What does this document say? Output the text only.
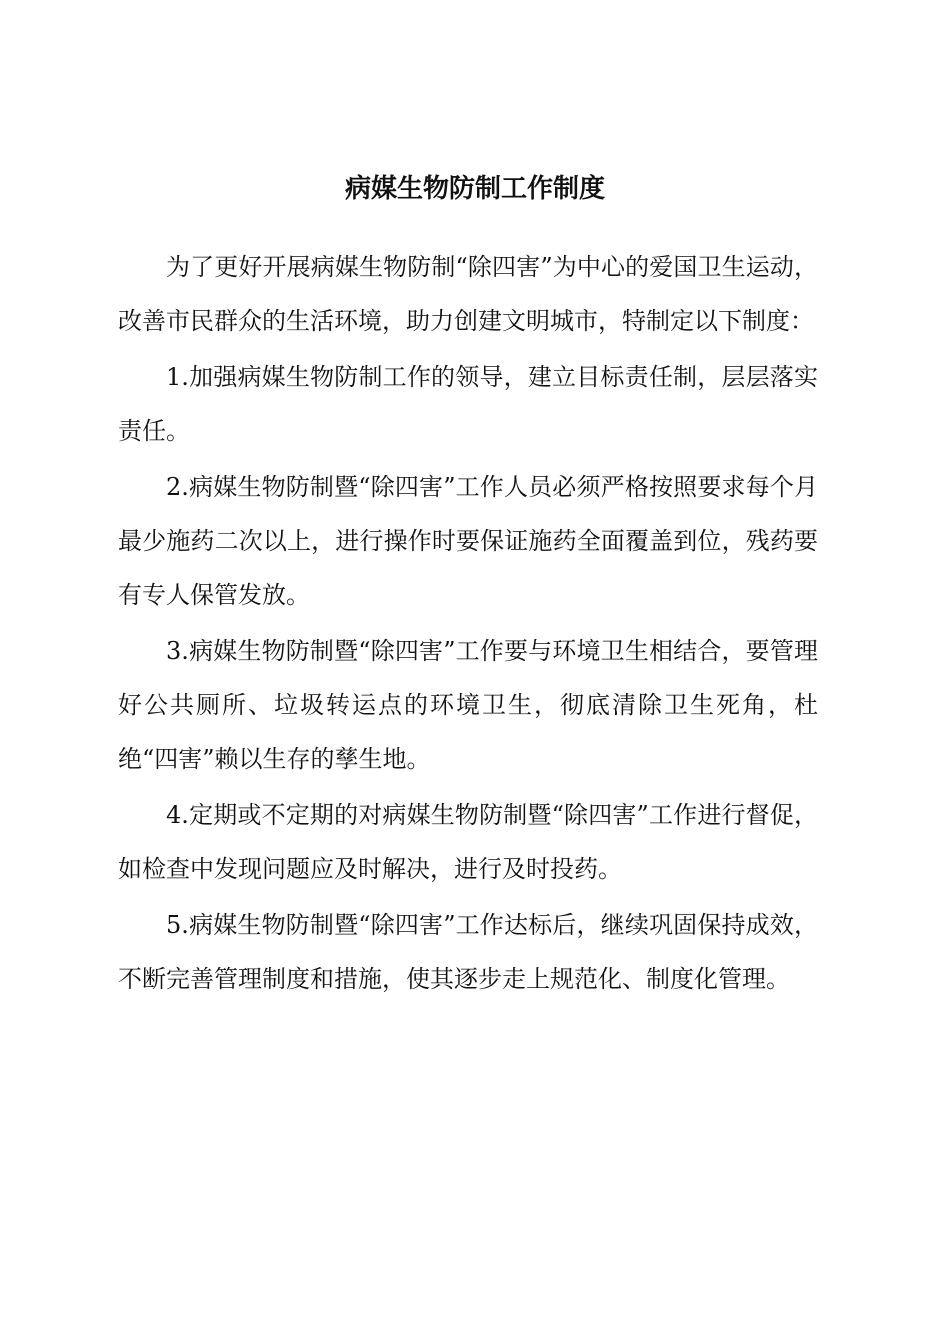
病媒生物防制工作制度

为了更好开展病媒生物防制“除四害”为中心的爱国卫生运动，改善市民群众的生活环境，助力创建文明城市，特制定以下制度：

1.加强病媒生物防制工作的领导，建立目标责任制，层层落实责任。

2.病媒生物防制暨“除四害”工作人员必须严格按照要求每个月最少施药二次以上，进行操作时要保证施药全面覆盖到位，残药要有专人保管发放。

3.病媒生物防制暨“除四害”工作要与环境卫生相结合，要管理好公共厕所、垃圾转运点的环境卫生，彻底清除卫生死角，杜绝“四害”赖以生存的孳生地。

4.定期或不定期的对病媒生物防制暨“除四害”工作进行督促，如检查中发现问题应及时解决，进行及时投药。

5.病媒生物防制暨“除四害”工作达标后，继续巩固保持成效，不断完善管理制度和措施，使其逐步走上规范化、制度化管理。
